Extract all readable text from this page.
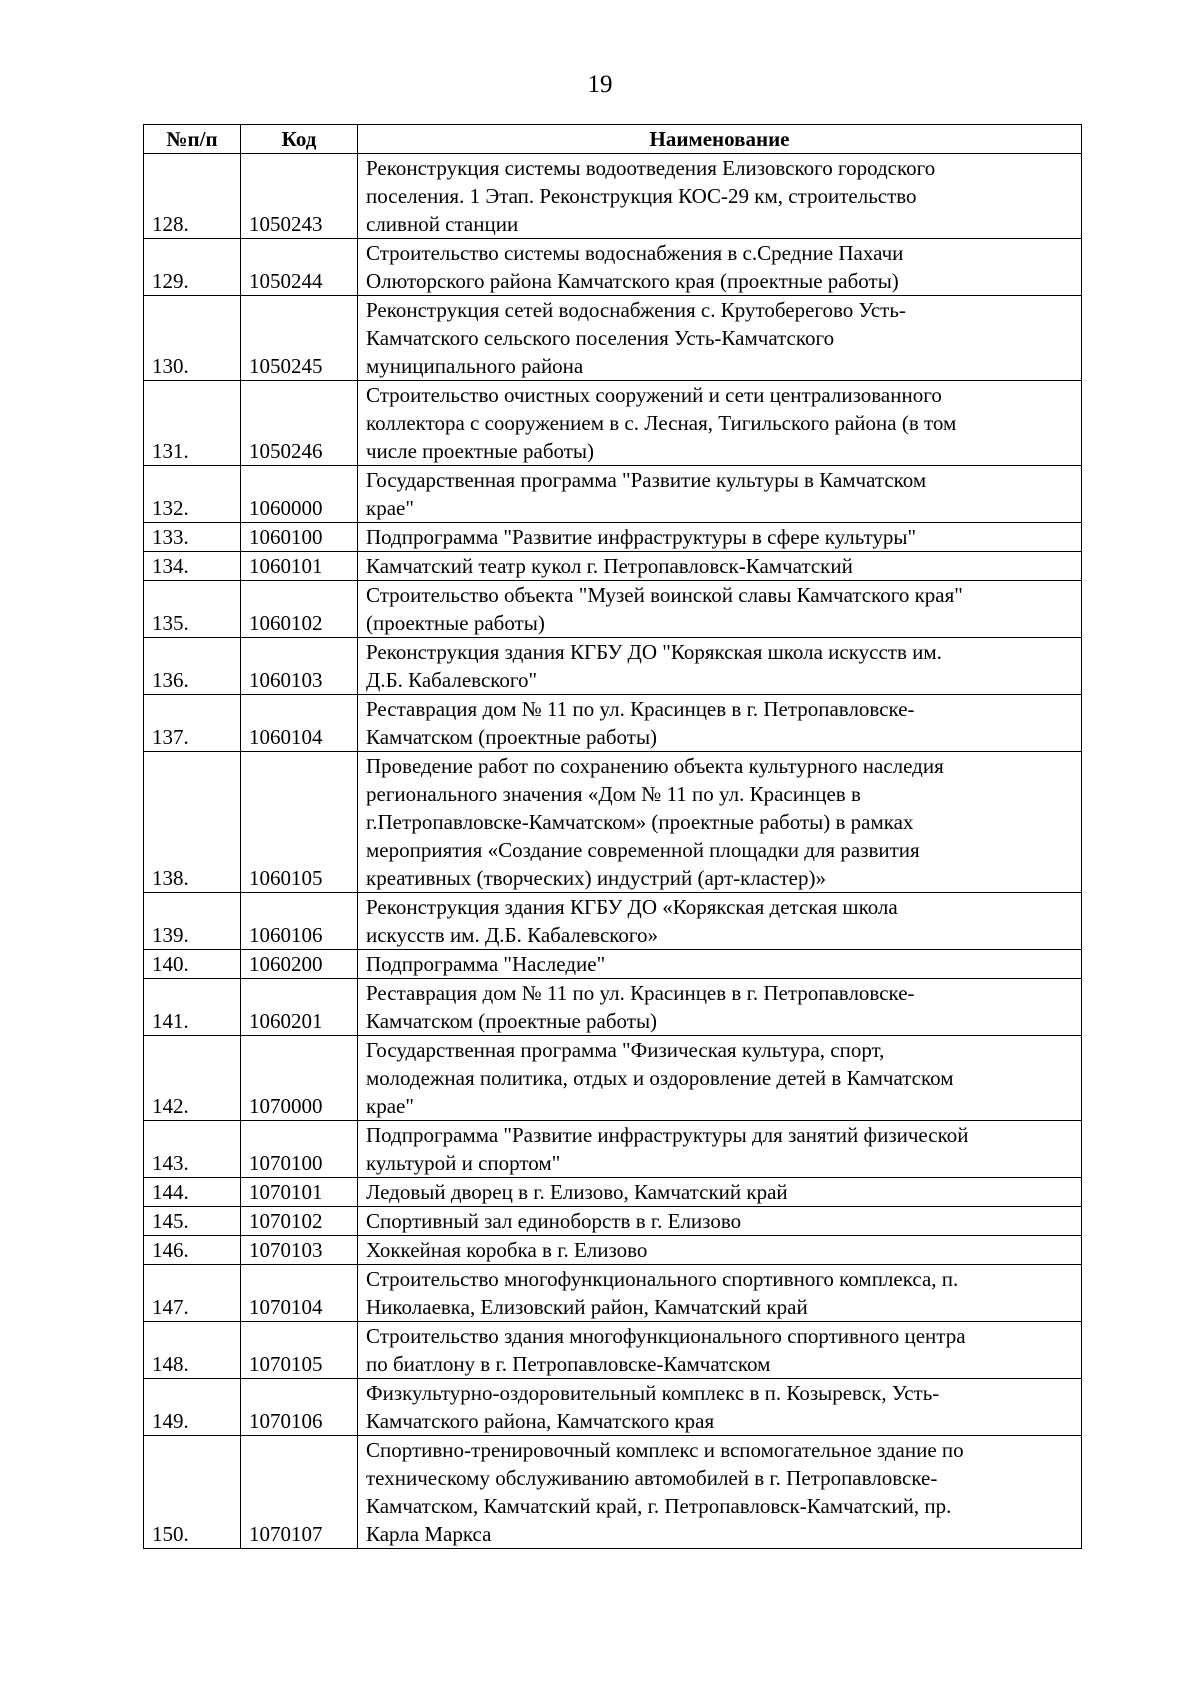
19
№п/п	Код	Наименование
128.	1050243	Реконструкция системы водоотведения Елизовского городского
поселения. 1 Этап. Реконструкция КОС-29 км, строительство
сливной станции
129.	1050244	Строительство системы водоснабжения в с.Средние Пахачи
Олюторского района Камчатского края (проектные работы)
130.	1050245	Реконструкция сетей водоснабжения с. Крутоберегово Усть-
Камчатского сельского поселения Усть-Камчатского
муниципального района
131.	1050246	Строительство очистных сооружений и сети централизованного
коллектора с сооружением в с. Лесная, Тигильского района (в том
числе проектные работы)
132.	1060000	Государственная программа "Развитие культуры в Камчатском
крае"
133.	1060100	Подпрограмма "Развитие инфраструктуры в сфере культуры"
134.	1060101	Камчатский театр кукол г. Петропавловск-Камчатский
135.	1060102	Строительство объекта "Музей воинской славы Камчатского края"
(проектные работы)
136.	1060103	Реконструкция здания КГБУ ДО "Корякская школа искусств им.
Д.Б. Кабалевского"
137.	1060104	Реставрация дом № 11 по ул. Красинцев в г. Петропавловске-
Камчатском (проектные работы)
138.	1060105	Проведение работ по сохранению объекта культурного наследия
регионального значения «Дом № 11 по ул. Красинцев в
г.Петропавловске-Камчатском» (проектные работы) в рамках
мероприятия «Создание современной площадки для развития
креативных (творческих) индустрий (арт-кластер)»
139.	1060106	Реконструкция здания КГБУ ДО «Корякская детская школа
искусств им. Д.Б. Кабалевского»
140.	1060200	Подпрограмма "Наследие"
141.	1060201	Реставрация дом № 11 по ул. Красинцев в г. Петропавловске-
Камчатском (проектные работы)
142.	1070000	Государственная программа "Физическая культура, спорт,
молодежная политика, отдых и оздоровление детей в Камчатском
крае"
143.	1070100	Подпрограмма "Развитие инфраструктуры для занятий физической
культурой и спортом"
144.	1070101	Ледовый дворец в г. Елизово, Камчатский край
145.	1070102	Спортивный зал единоборств в г. Елизово
146.	1070103	Хоккейная коробка в г. Елизово
147.	1070104	Строительство многофункционального спортивного комплекса, п.
Николаевка, Елизовский район, Камчатский край
148.	1070105	Строительство здания многофункционального спортивного центра
по биатлону в г. Петропавловске-Камчатском
149.	1070106	Физкультурно-оздоровительный комплекс в п. Козыревск, Усть-
Камчатского района, Камчатского края
150.	1070107	Спортивно-тренировочный комплекс и вспомогательное здание по
техническому обслуживанию автомобилей в г. Петропавловске-
Камчатском, Камчатский край, г. Петропавловск-Камчатский, пр.
Карла Маркса
